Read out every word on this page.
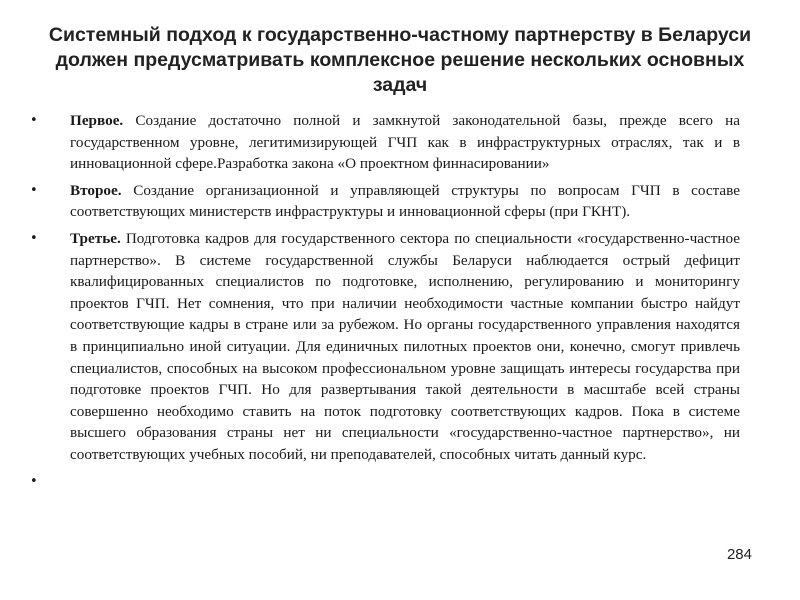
Системный подход к государственно-частному партнерству в Беларуси должен предусматривать комплексное решение нескольких основных задач
• Первое. Создание достаточно полной и замкнутой законодательной базы, прежде всего на государственном уровне, легитимизирующей ГЧП как в инфраструктурных отраслях, так и в инновационной сфере.Разработка закона «О проектном финнасировании»
• Второе. Создание организационной и управляющей структуры по вопросам ГЧП в составе соответствующих министерств инфраструктуры и инновационной сферы (при ГКНТ).
• Третье. Подготовка кадров для государственного сектора по специальности «государственно-частное партнерство». В системе государственной службы Беларуси наблюдается острый дефицит квалифицированных специалистов по подготовке, исполнению, регулированию и мониторингу проектов ГЧП. Нет сомнения, что при наличии необходимости частные компании быстро найдут соответствующие кадры в стране или за рубежом. Но органы государственного управления находятся в принципиально иной ситуации. Для единичных пилотных проектов они, конечно, смогут привлечь специалистов, способных на высоком профессиональном уровне защищать интересы государства при подготовке проектов ГЧП. Но для развертывания такой деятельности в масштабе всей страны совершенно необходимо ставить на поток подготовку соответствующих кадров. Пока в системе высшего образования страны нет ни специальности «государственно-частное партнерство», ни соответствующих учебных пособий, ни преподавателей, способных читать данный курс.
•
284
